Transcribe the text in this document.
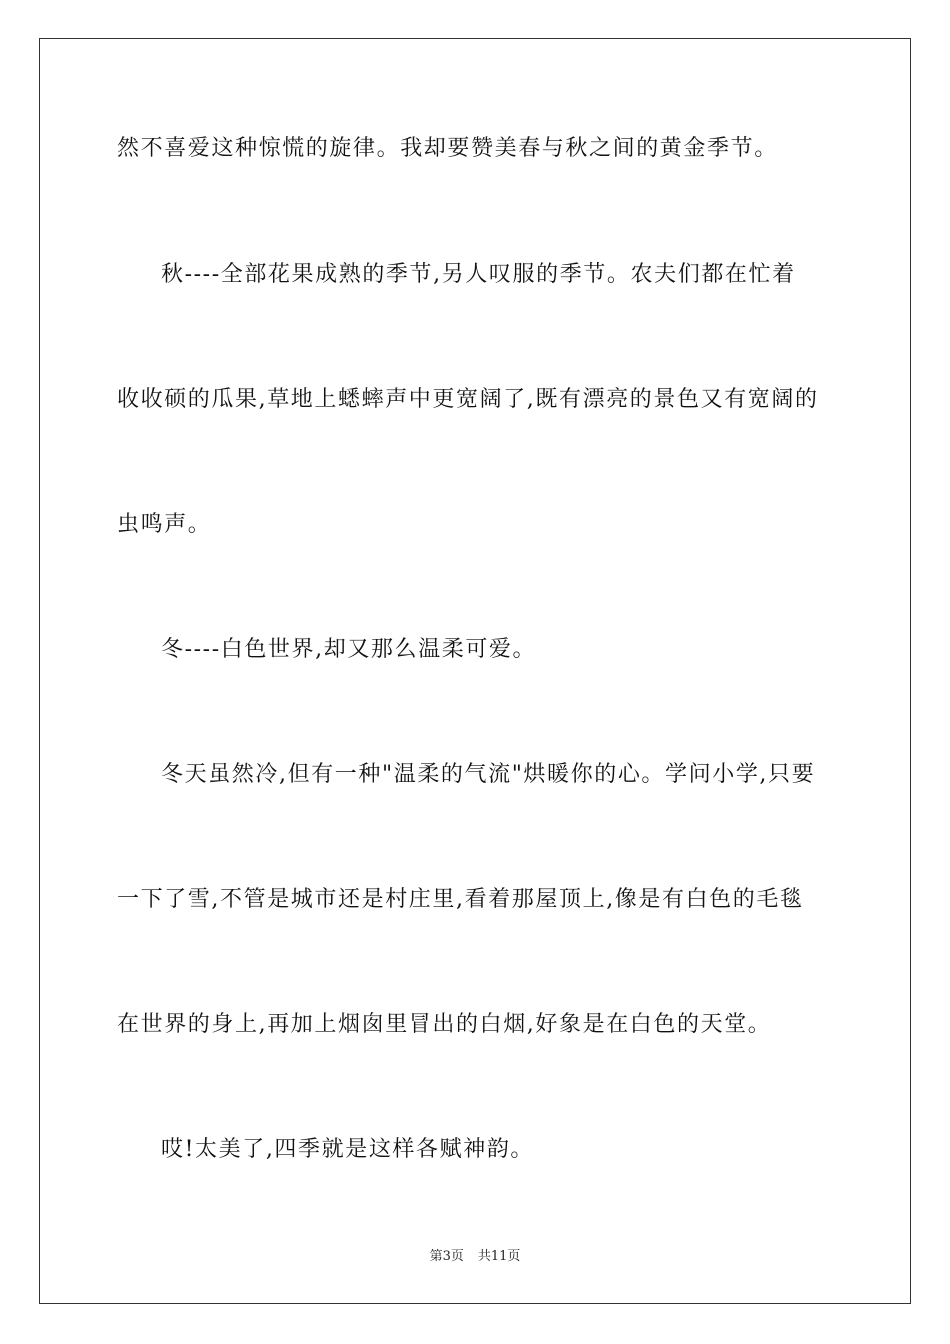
然不喜爱这种惊慌的旋律。我却要赞美春与秋之间的黄金季节。
秋----全部花果成熟的季节,另人叹服的季节。农夫们都在忙着
收收硕的瓜果,草地上蟋蟀声中更宽阔了,既有漂亮的景色又有宽阔的
虫鸣声。
冬----白色世界,却又那么温柔可爱。
冬天虽然冷,但有一种"温柔的气流"烘暖你的心。学问小学,只要
一下了雪,不管是城市还是村庄里,看着那屋顶上,像是有白色的毛毯
在世界的身上,再加上烟囱里冒出的白烟,好象是在白色的天堂。
哎!太美了,四季就是这样各赋神韵。
第3页 共11页
